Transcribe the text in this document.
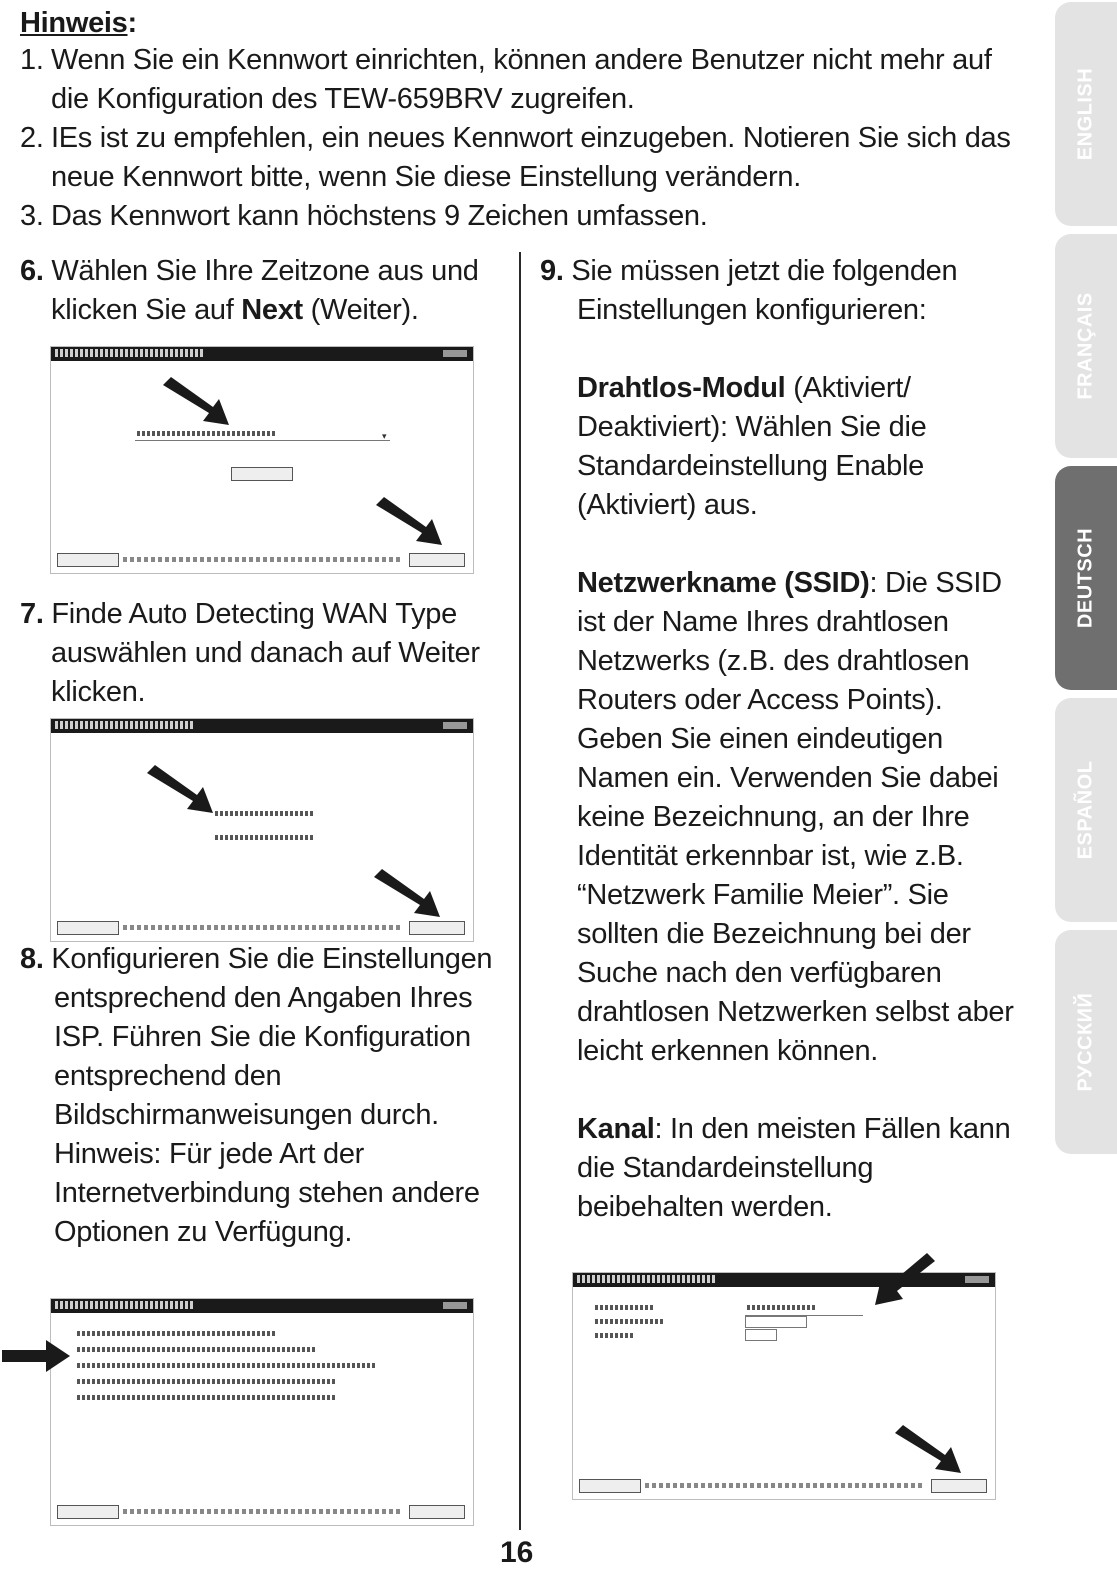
Hinweis:
1. Wenn Sie ein Kennwort einrichten, können andere Benutzer nicht mehr auf die Konfiguration des TEW-659BRV zugreifen.
2. IEs ist zu empfehlen, ein neues Kennwort einzugeben. Notieren Sie sich das neue Kennwort bitte, wenn Sie diese Einstellung verändern.
3. Das Kennwort kann höchstens 9 Zeichen umfassen.
6. Wählen Sie Ihre Zeitzone aus und
klicken Sie auf Next (Weiter).
▾
7. Finde Auto Detecting WAN Type
auswählen und danach auf Weiter
klicken.
8. Konfigurieren Sie die Einstellungen
entsprechend den Angaben Ihres
ISP. Führen Sie die Konfiguration
entsprechend den
Bildschirmanweisungen durch.
Hinweis: Für jede Art der
Internetverbindung stehen andere
Optionen zu Verfügung.
9. Sie müssen jetzt die folgenden
Einstellungen konfigurieren:

Drahtlos-Modul (Aktiviert/
Deaktiviert): Wählen Sie die
Standardeinstellung Enable
(Aktiviert) aus.

Netzwerkname (SSID): Die SSID
ist der Name Ihres drahtlosen
Netzwerks (z.B. des drahtlosen
Routers oder Access Points).
Geben Sie einen eindeutigen
Namen ein. Verwenden Sie dabei
keine Bezeichnung, an der Ihre
Identität erkennbar ist, wie z.B.
“Netzwerk Familie Meier”. Sie
sollten die Bezeichnung bei der
Suche nach den verfügbaren
drahtlosen Netzwerken selbst aber
leicht erkennen können.

Kanal: In den meisten Fällen kann
die Standardeinstellung
beibehalten werden.
ENGLISH
FRANÇAIS
DEUTSCH
ESPAÑOL
РУССКИЙ
16
